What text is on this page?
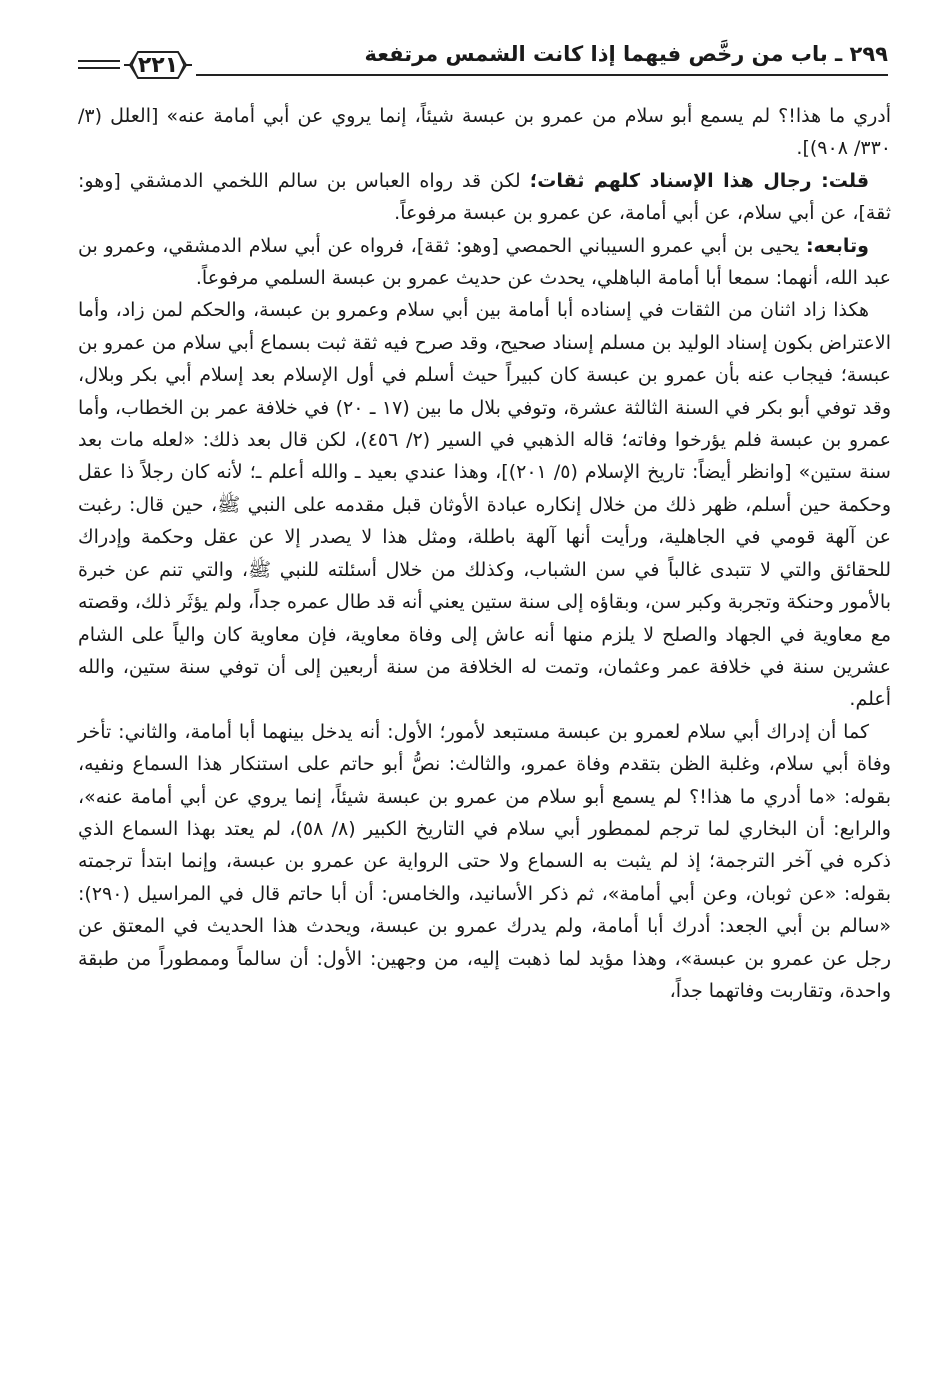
٢٩٩ ـ باب من رخَّص فيهما إذا كانت الشمس مرتفعة
٢٢١

أدري ما هذا!؟ لم يسمع أبو سلام من عمرو بن عبسة شيئاً، إنما يروي عن أبي أمامة عنه» [العلل (٣/ ٣٣٠/ ٩٠٨)].

قلت: رجال هذا الإسناد كلهم ثقات؛ لكن قد رواه العباس بن سالم اللخمي الدمشقي [وهو: ثقة]، عن أبي سلام، عن أبي أمامة، عن عمرو بن عبسة مرفوعاً.

وتابعه: يحيى بن أبي عمرو السيباني الحمصي [وهو: ثقة]، فرواه عن أبي سلام الدمشقي، وعمرو بن عبد الله، أنهما: سمعا أبا أمامة الباهلي، يحدث عن حديث عمرو بن عبسة السلمي مرفوعاً.

هكذا زاد اثنان من الثقات في إسناده أبا أمامة بين أبي سلام وعمرو بن عبسة، والحكم لمن زاد، وأما الاعتراض بكون إسناد الوليد بن مسلم إسناد صحيح، وقد صرح فيه ثقة ثبت بسماع أبي سلام من عمرو بن عبسة؛ فيجاب عنه بأن عمرو بن عبسة كان كبيراً حيث أسلم في أول الإسلام بعد إسلام أبي بكر وبلال، وقد توفي أبو بكر في السنة الثالثة عشرة، وتوفي بلال ما بين (١٧ ـ ٢٠) في خلافة عمر بن الخطاب، وأما عمرو بن عبسة فلم يؤرخوا وفاته؛ قاله الذهبي في السير (٢/ ٤٥٦)، لكن قال بعد ذلك: «لعله مات بعد سنة ستين» [وانظر أيضاً: تاريخ الإسلام (٥/ ٢٠١)]، وهذا عندي بعيد ـ والله أعلم ـ؛ لأنه كان رجلاً ذا عقل وحكمة حين أسلم، ظهر ذلك من خلال إنكاره عبادة الأوثان قبل مقدمه على النبي ﷺ، حين قال: رغبت عن آلهة قومي في الجاهلية، ورأيت أنها آلهة باطلة، ومثل هذا لا يصدر إلا عن عقل وحكمة وإدراك للحقائق والتي لا تتبدى غالباً في سن الشباب، وكذلك من خلال أسئلته للنبي ﷺ، والتي تنم عن خبرة بالأمور وحنكة وتجربة وكبر سن، وبقاؤه إلى سنة ستين يعني أنه قد طال عمره جداً، ولم يؤثَر ذلك، وقصته مع معاوية في الجهاد والصلح لا يلزم منها أنه عاش إلى وفاة معاوية، فإن معاوية كان والياً على الشام عشرين سنة في خلافة عمر وعثمان، وتمت له الخلافة من سنة أربعين إلى أن توفي سنة ستين، والله أعلم.

كما أن إدراك أبي سلام لعمرو بن عبسة مستبعد لأمور؛ الأول: أنه يدخل بينهما أبا أمامة، والثاني: تأخر وفاة أبي سلام، وغلبة الظن بتقدم وفاة عمرو، والثالث: نصُّ أبو حاتم على استنكار هذا السماع ونفيه، بقوله: «ما أدري ما هذا!؟ لم يسمع أبو سلام من عمرو بن عبسة شيئاً، إنما يروي عن أبي أمامة عنه»، والرابع: أن البخاري لما ترجم لممطور أبي سلام في التاريخ الكبير (٨/ ٥٨)، لم يعتد بهذا السماع الذي ذكره في آخر الترجمة؛ إذ لم يثبت به السماع ولا حتى الرواية عن عمرو بن عبسة، وإنما ابتدأ ترجمته بقوله: «عن ثوبان، وعن أبي أمامة»، ثم ذكر الأسانيد، والخامس: أن أبا حاتم قال في المراسيل (٢٩٠): «سالم بن أبي الجعد: أدرك أبا أمامة، ولم يدرك عمرو بن عبسة، ويحدث هذا الحديث في المعتق عن رجل عن عمرو بن عبسة»، وهذا مؤيد لما ذهبت إليه، من وجهين: الأول: أن سالماً وممطوراً من طبقة واحدة، وتقاربت وفاتهما جداً،
